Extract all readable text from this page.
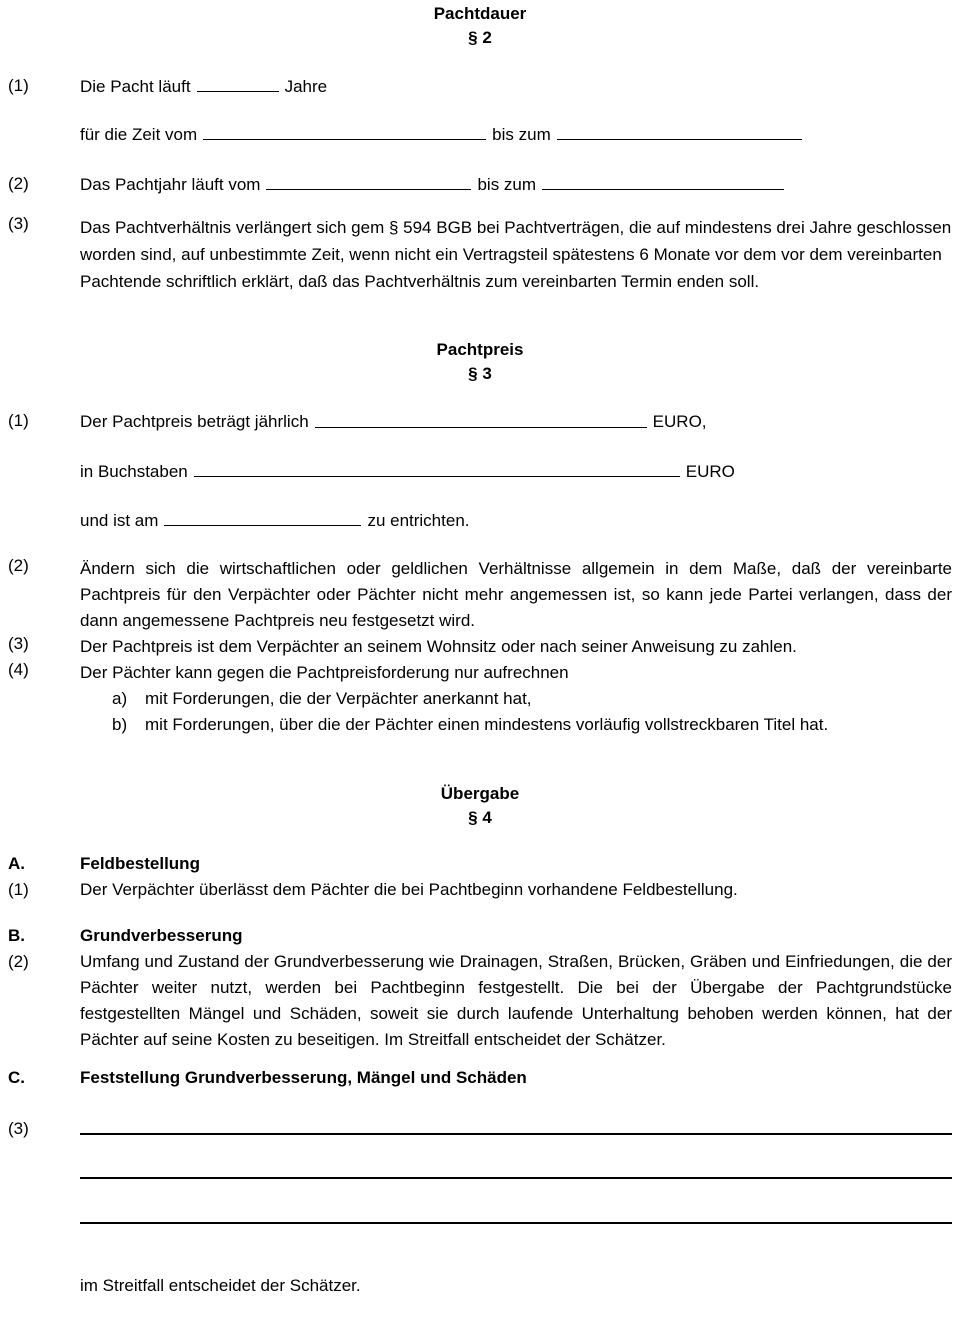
Pachtdauer
§ 2
(1)	Die Pacht läuft	Jahre
für die Zeit vom	bis zum
(2)	Das Pachtjahr läuft vom	bis zum
(3)	Das Pachtverhältnis verlängert sich gem § 594 BGB bei Pachtverträgen, die auf mindestens drei Jahre geschlossen worden sind, auf unbestimmte Zeit, wenn nicht ein Vertragsteil spätestens 6 Monate vor dem vor dem vereinbarten Pachtende schriftlich erklärt, daß das Pachtverhältnis zum vereinbarten Termin enden soll.

Pachtpreis
§ 3
(1)	Der Pachtpreis beträgt jährlich	EURO,
in Buchstaben	EURO
und ist am	zu entrichten.
(2)	Ändern sich die wirtschaftlichen oder geldlichen Verhältnisse allgemein in dem Maße, daß der vereinbarte Pachtpreis für den Verpächter oder Pächter nicht mehr angemessen ist, so kann jede Partei verlangen, dass der dann angemessene Pachtpreis neu festgesetzt wird.

(3)	Der Pachtpreis ist dem Verpächter an seinem Wohnsitz oder nach seiner Anweisung zu zahlen.

(4)	Der Pächter kann gegen die Pachtpreisforderung nur aufrechnen

a)	mit Forderungen, die der Verpächter anerkannt hat,
b)	mit Forderungen, über die der Pächter einen mindestens vorläufig vollstreckbaren Titel hat.
Übergabe
§ 4
A.	Feldbestellung
(1)	Der Verpächter überlässt dem Pächter die bei Pachtbeginn vorhandene Feldbestellung.

B.	Grundverbesserung
(2)	Umfang und Zustand der Grundverbesserung wie Drainagen, Straßen, Brücken, Gräben und Einfriedungen, die der Pächter weiter nutzt, werden bei Pachtbeginn festgestellt. Die bei der Übergabe der Pachtgrundstücke festgestellten Mängel und Schäden, soweit sie durch laufende Unterhaltung behoben werden können, hat der Pächter auf seine Kosten zu beseitigen. Im Streitfall entscheidet der Schätzer.

C.	Feststellung Grundverbesserung, Mängel und Schäden
(3)

im Streitfall entscheidet der Schätzer.
